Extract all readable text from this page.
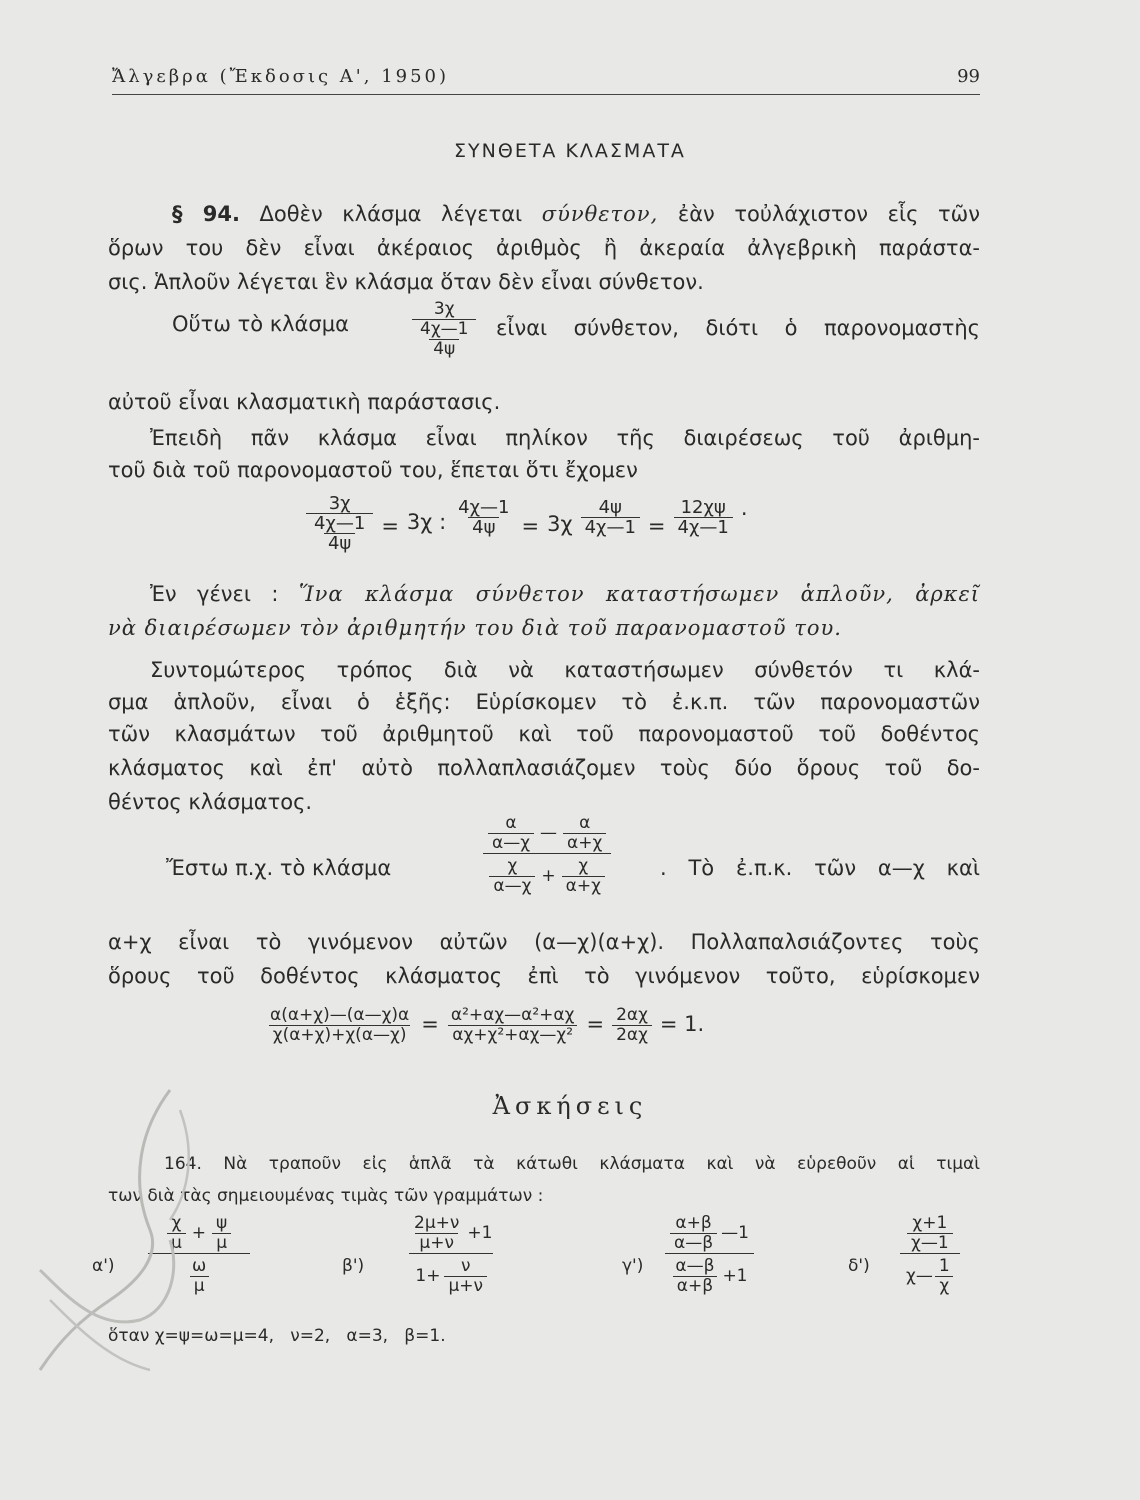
Ἄλγεβρα (Ἔκδοσις Α', 1950)	99
ΣΥΝΘΕΤΑ ΚΛΑΣΜΑΤΑ
§ 94. Δοθὲν κλάσμα λέγεται σύνθετον, ἐὰν τοὐλάχιστον εἷς τῶν
ὅρων του δὲν εἶναι ἀκέραιος ἀριθμὸς ἢ ἀκεραία ἀλγεβρικὴ παράστα-
σις. Ἁπλοῦν λέγεται ἓν κλάσμα ὅταν δὲν εἶναι σύνθετον.
Οὕτω τὸ κλάσμα	$\frac{3\chi}{\frac{4\chi—1}{4\psi}}$ εἶναι σύνθετον, διότι ὁ παρονομαστὴς
αὐτοῦ εἶναι κλασματικὴ παράστασις.
Ἐπειδὴ πᾶν κλάσμα εἶναι πηλίκον τῆς διαιρέσεως τοῦ ἀριθμη-
τοῦ διὰ τοῦ παρονομαστοῦ του, ἕπεται ὅτι ἔχομεν
$\frac{3\chi}{\frac{4\chi—1}{4\psi}} = 3\chi$ : $\frac{4\chi—1}{4\psi} = 3\chi \frac{4\psi}{4\chi—1} = \frac{12\chi\psi}{4\chi—1}$ .
Ἐν γένει : Ἵνα κλάσμα σύνθετον καταστήσωμεν ἁπλοῦν, ἀρκεῖ
νὰ διαιρέσωμεν τὸν ἀριθμητήν του διὰ τοῦ παρανομαστοῦ του.
Συντομώτερος τρόπος διὰ νὰ καταστήσωμεν σύνθετόν τι κλά-
σμα ἁπλοῦν, εἶναι ὁ ἑξῆς: Εὑρίσκομεν τὸ ἐ.κ.π. τῶν παρονομαστῶν
τῶν κλασμάτων τοῦ ἀριθμητοῦ καὶ τοῦ παρονομαστοῦ τοῦ δοθέντος
κλάσματος καὶ ἐπ' αὐτὸ πολλαπλασιάζομεν τοὺς δύο ὅρους τοῦ δο-
θέντος κλάσματος.
Ἔστω π.χ. τὸ κλάσμα	$\frac{\frac{\alpha}{\alpha—\chi} — \frac{\alpha}{\alpha+\chi}}{\frac{\chi}{\alpha—\chi} + \frac{\chi}{\alpha+\chi}}$ . Τὸ ἐ.π.κ. τῶν α—χ καὶ
α+χ εἶναι τὸ γινόμενον αὐτῶν (α—χ)(α+χ). Πολλαπαλσιάζοντες τοὺς
ὅρους τοῦ δοθέντος κλάσματος ἐπὶ τὸ γινόμενον τοῦτο, εὑρίσκομεν
$\frac{\alpha(\alpha+\chi)—(\alpha—\chi)\alpha}{\chi(\alpha+\chi)+\chi(\alpha—\chi)} = \frac{\text{α²+αχ—α²+αχ}}{\text{αχ+χ²+αχ—χ²}} = \frac{2\alpha\chi}{2\alpha\chi} = 1$.
Ἀσκήσεις
164. Νὰ τραποῦν εἰς ἁπλᾶ τὰ κάτωθι κλάσματα καὶ νὰ εὑρεθοῦν αἱ τιμαὶ
των διὰ τὰς σημειουμένας τιμὰς τῶν γραμμάτων :
$\alpha') \frac{\frac{\chi}{\mu} + \frac{\psi}{\mu}}{\frac{\omega}{\mu}}$	$\beta') \frac{\frac{2\mu+\nu}{\mu+\nu} +1}{1+ \frac{\nu}{\mu+\nu}}$	$\gamma') \frac{\frac{\alpha+\beta}{\alpha—\beta} —1}{\frac{\alpha—\beta}{\alpha+\beta} +1}$	$\delta') \frac{\frac{\chi+1}{\chi—1}}{\chi— \frac{1}{\chi}}$
ὅταν χ=ψ=ω=μ=4,   ν=2,   α=3,   β=1.
